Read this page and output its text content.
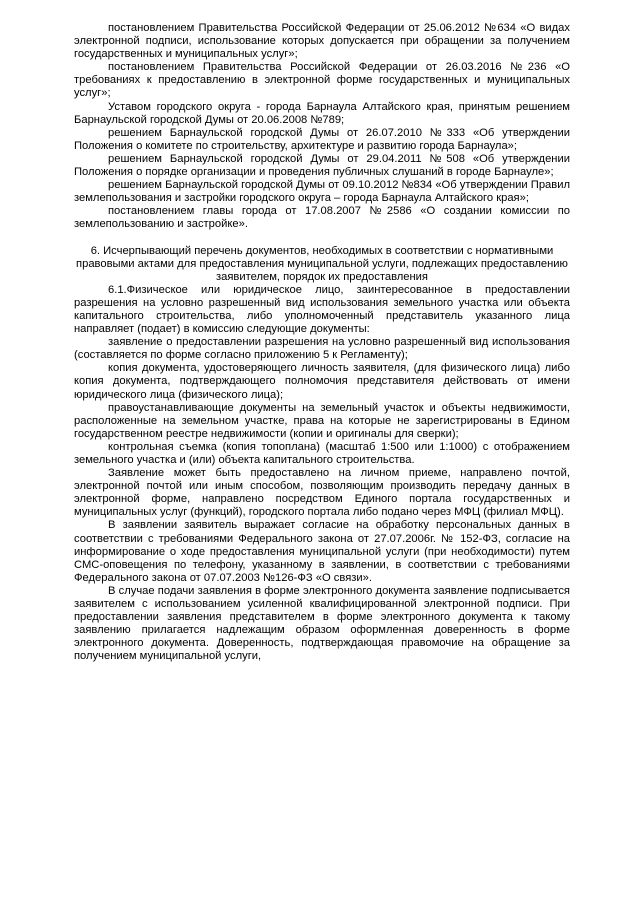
постановлением Правительства Российской Федерации от 25.06.2012 №634 «О видах электронной подписи, использование которых допускается при обращении за получением государственных и муниципальных услуг»;

постановлением Правительства Российской Федерации от 26.03.2016 №236 «О требованиях к предоставлению в электронной форме государственных и муниципальных услуг»;

Уставом городского округа - города Барнаула Алтайского края, принятым решением Барнаульской городской Думы от 20.06.2008 №789;

решением Барнаульской городской Думы от 26.07.2010 №333 «Об утверждении Положения о комитете по строительству, архитектуре и развитию города Барнаула»;

решением Барнаульской городской Думы от 29.04.2011 №508 «Об утверждении Положения о порядке организации и проведения публичных слушаний в городе Барнауле»;

решением Барнаульской городской Думы от 09.10.2012 №834 «Об утверждении Правил землепользования и застройки городского округа – города Барнаула Алтайского края»;

постановлением главы города от 17.08.2007 №2586 «О создании комиссии по землепользованию и застройке».

6. Исчерпывающий перечень документов, необходимых в соответствии с нормативными правовыми актами для предоставления муниципальной услуги, подлежащих предоставлению заявителем, порядок их предоставления

6.1.Физическое или юридическое лицо, заинтересованное в предоставлении разрешения на условно разрешенный вид использования земельного участка или объекта капитального строительства, либо уполномоченный представитель указанного лица направляет (подает) в комиссию следующие документы:

заявление о предоставлении разрешения на условно разрешенный вид использования (составляется по форме согласно приложению 5 к Регламенту);

копия документа, удостоверяющего личность заявителя, (для физического лица) либо копия документа, подтверждающего полномочия представителя действовать от имени юридического лица (физического лица);

правоустанавливающие документы на земельный участок и объекты недвижимости, расположенные на земельном участке, права на которые не зарегистрированы в Едином государственном реестре недвижимости (копии и оригиналы для сверки);

контрольная съемка (копия топоплана) (масштаб 1:500 или 1:1000) с отображением земельного участка и (или) объекта капитального строительства.

Заявление может быть предоставлено на личном приеме, направлено почтой, электронной почтой или иным способом, позволяющим производить передачу данных в электронной форме, направлено посредством Единого портала государственных и муниципальных услуг (функций), городского портала либо подано через МФЦ (филиал МФЦ).

В заявлении заявитель выражает согласие на обработку персональных данных в соответствии с требованиями Федерального закона от 27.07.2006г. № 152-ФЗ, согласие на информирование о ходе предоставления муниципальной услуги (при необходимости) путем СМС-оповещения по телефону, указанному в заявлении, в соответствии с требованиями Федерального закона от 07.07.2003 №126-ФЗ «О связи».

В случае подачи заявления в форме электронного документа заявление подписывается заявителем с использованием усиленной квалифицированной электронной подписи. При предоставлении заявления представителем в форме электронного документа к такому заявлению прилагается надлежащим образом оформленная доверенность в форме электронного документа. Доверенность, подтверждающая правомочие на обращение за получением муниципальной услуги,
